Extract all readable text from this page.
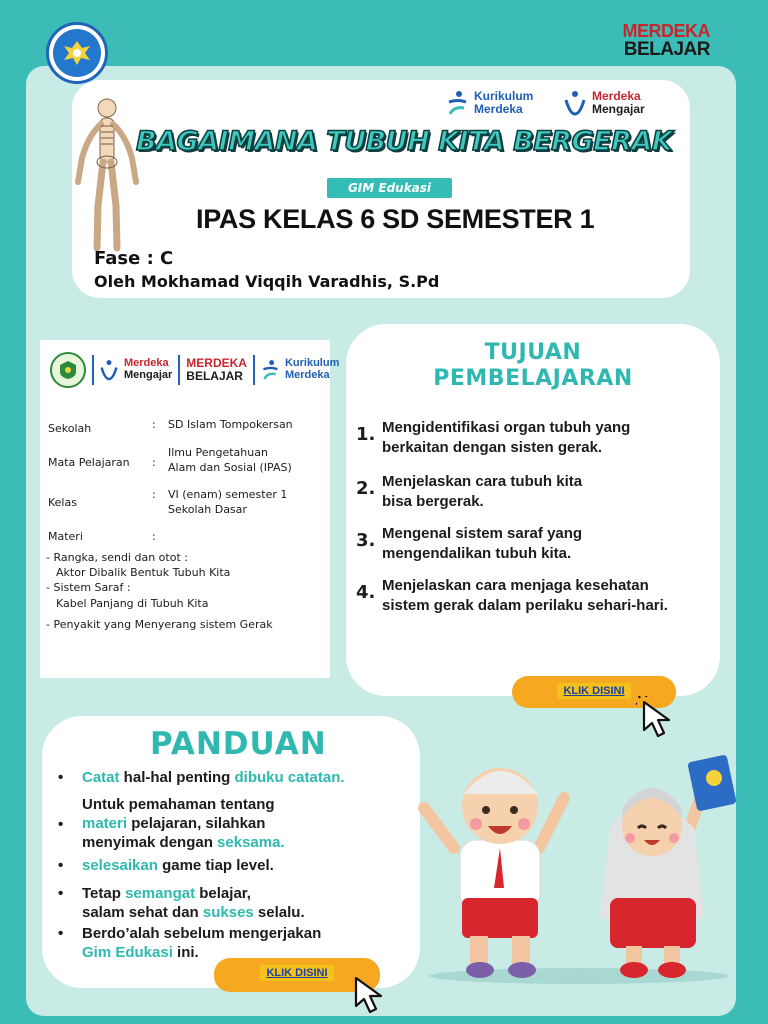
MERDEKA
BELAJAR
Kurikulum
Merdeka
Merdeka
Mengajar
BAGAIMANA TUBUH KITA BERGERAK
GIM Edukasi
IPAS KELAS 6 SD SEMESTER 1
Fase : C
Oleh Mokhamad Viqqih Varadhis, S.Pd
Merdeka
Mengajar
MERDEKA
BELAJAR
Kurikulum
Merdeka
Sekolah	: SD Islam Tompokersan
Mata Pelajaran :
Ilmu Pengetahuan
Alam dan Sosial (IPAS)
Kelas
: VI (enam) semester 1
Sekolah Dasar
Materi	:
- Rangka, sendi dan otot :
Aktor Dibalik Bentuk Tubuh Kita
- Sistem Saraf :
Kabel Panjang di Tubuh Kita
- Penyakit yang Menyerang sistem Gerak
TUJUAN
PEMBELAJARAN
1. Mengidentifikasi organ tubuh yang
berkaitan dengan sisten gerak.
2. Menjelaskan cara tubuh kita
bisa bergerak.
3. Mengenal sistem saraf yang
mengendalikan tubuh kita.
4. Menjelaskan cara menjaga kesehatan
sistem gerak dalam perilaku sehari-hari.
KLIK DISINI
PANDUAN
• Catat hal-hal penting dibuku catatan.
•
Untuk pemahaman tentang
materi pelajaran, silahkan
menyimak dengan seksama.
• selesaikan game tiap level.
• Tetap semangat belajar,
salam sehat dan sukses selalu.
• Berdo’alah sebelum mengerjakan
Gim Edukasi ini.
KLIK DISINI
